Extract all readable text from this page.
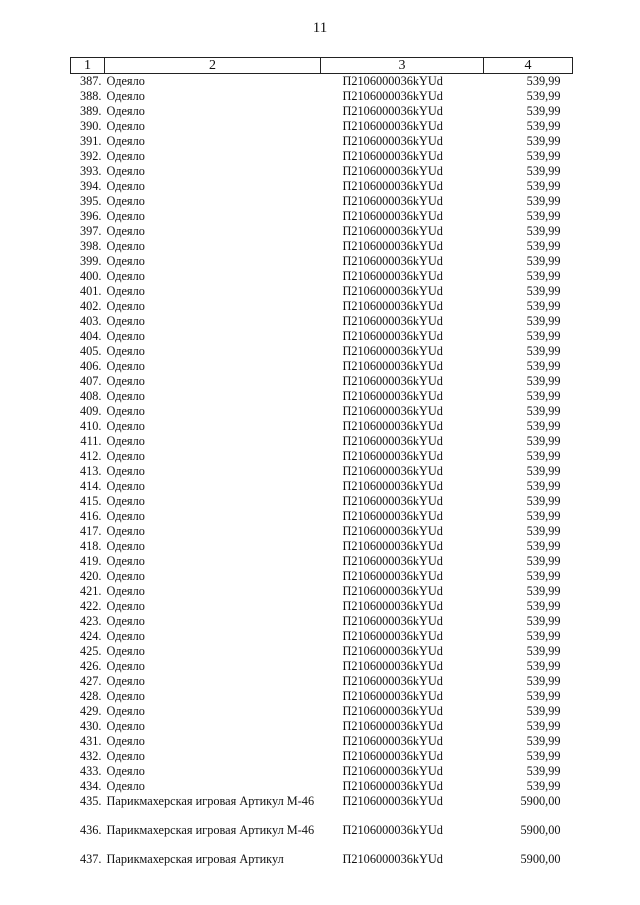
11
1	2	3	4
387.	Одеяло	П2106000036kYUd	539,99
388.	Одеяло	П2106000036kYUd	539,99
389.	Одеяло	П2106000036kYUd	539,99
390.	Одеяло	П2106000036kYUd	539,99
391.	Одеяло	П2106000036kYUd	539,99
392.	Одеяло	П2106000036kYUd	539,99
393.	Одеяло	П2106000036kYUd	539,99
394.	Одеяло	П2106000036kYUd	539,99
395.	Одеяло	П2106000036kYUd	539,99
396.	Одеяло	П2106000036kYUd	539,99
397.	Одеяло	П2106000036kYUd	539,99
398.	Одеяло	П2106000036kYUd	539,99
399.	Одеяло	П2106000036kYUd	539,99
400.	Одеяло	П2106000036kYUd	539,99
401.	Одеяло	П2106000036kYUd	539,99
402.	Одеяло	П2106000036kYUd	539,99
403.	Одеяло	П2106000036kYUd	539,99
404.	Одеяло	П2106000036kYUd	539,99
405.	Одеяло	П2106000036kYUd	539,99
406.	Одеяло	П2106000036kYUd	539,99
407.	Одеяло	П2106000036kYUd	539,99
408.	Одеяло	П2106000036kYUd	539,99
409.	Одеяло	П2106000036kYUd	539,99
410.	Одеяло	П2106000036kYUd	539,99
411.	Одеяло	П2106000036kYUd	539,99
412.	Одеяло	П2106000036kYUd	539,99
413.	Одеяло	П2106000036kYUd	539,99
414.	Одеяло	П2106000036kYUd	539,99
415.	Одеяло	П2106000036kYUd	539,99
416.	Одеяло	П2106000036kYUd	539,99
417.	Одеяло	П2106000036kYUd	539,99
418.	Одеяло	П2106000036kYUd	539,99
419.	Одеяло	П2106000036kYUd	539,99
420.	Одеяло	П2106000036kYUd	539,99
421.	Одеяло	П2106000036kYUd	539,99
422.	Одеяло	П2106000036kYUd	539,99
423.	Одеяло	П2106000036kYUd	539,99
424.	Одеяло	П2106000036kYUd	539,99
425.	Одеяло	П2106000036kYUd	539,99
426.	Одеяло	П2106000036kYUd	539,99
427.	Одеяло	П2106000036kYUd	539,99
428.	Одеяло	П2106000036kYUd	539,99
429.	Одеяло	П2106000036kYUd	539,99
430.	Одеяло	П2106000036kYUd	539,99
431.	Одеяло	П2106000036kYUd	539,99
432.	Одеяло	П2106000036kYUd	539,99
433.	Одеяло	П2106000036kYUd	539,99
434.	Одеяло	П2106000036kYUd	539,99
435.	Парикмахерская игровая Артикул М-46	П2106000036kYUd	5900,00
436.	Парикмахерская игровая Артикул М-46	П2106000036kYUd	5900,00
437.	Парикмахерская игровая Артикул	П2106000036kYUd	5900,00
